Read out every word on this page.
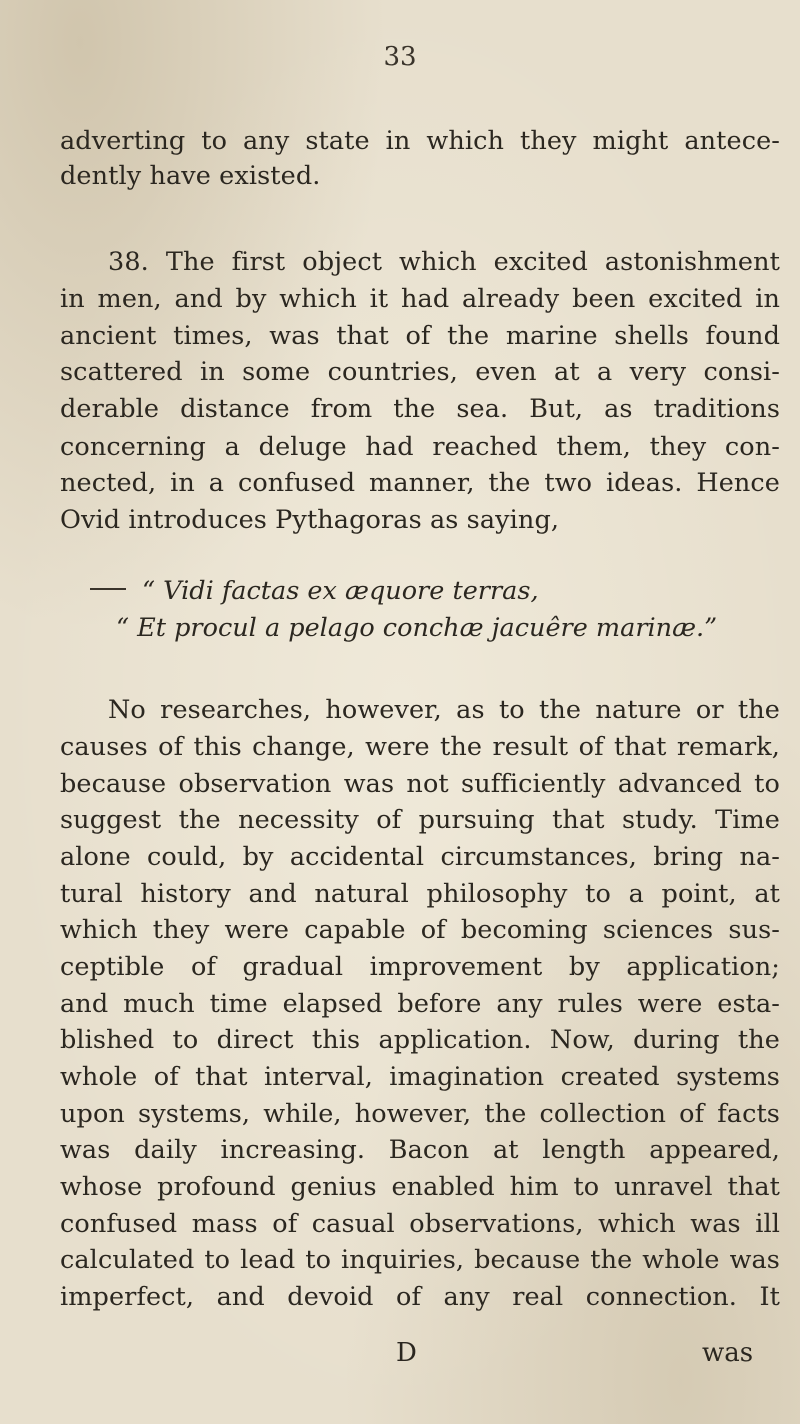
33
adverting to any state in which they might antece-
dently have existed.
38. The first object which excited astonishment
in men, and by which it had already been excited in
ancient times, was that of the marine shells found
scattered in some countries, even at a very consi-
derable distance from the sea. But, as traditions
concerning a deluge had reached them, they con-
nected, in a confused manner, the two ideas. Hence
Ovid introduces Pythagoras as saying,
“ Vidi factas ex æquore terras,
“ Et procul a pelago conchæ jacuêre marinæ.”
No researches, however, as to the nature or the
causes of this change, were the result of that remark,
because observation was not sufficiently advanced to
suggest the necessity of pursuing that study. Time
alone could, by accidental circumstances, bring na-
tural history and natural philosophy to a point, at
which they were capable of becoming sciences sus-
ceptible of gradual improvement by application;
and much time elapsed before any rules were esta-
blished to direct this application. Now, during the
whole of that interval, imagination created systems
upon systems, while, however, the collection of facts
was daily increasing. Bacon at length appeared,
whose profound genius enabled him to unravel that
confused mass of casual observations, which was ill
calculated to lead to inquiries, because the whole was
imperfect, and devoid of any real connection. It
D	was
